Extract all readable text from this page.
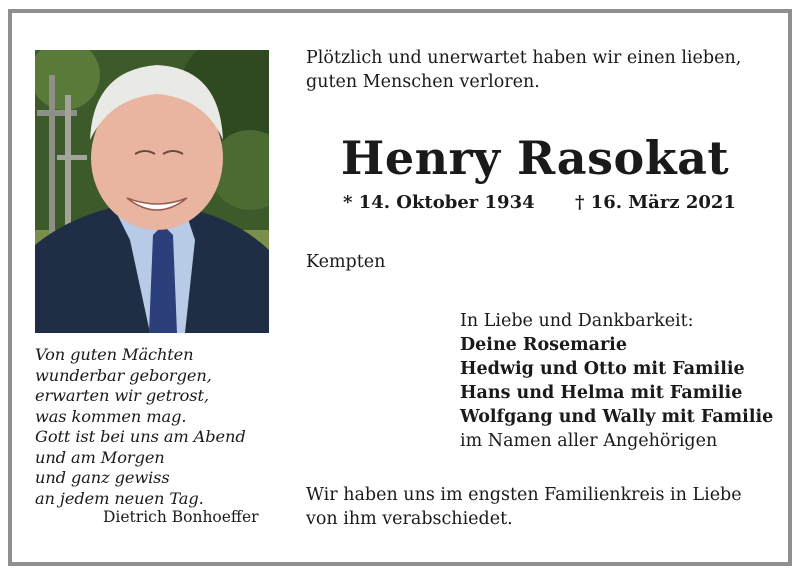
Von guten Mächten
wunderbar geborgen,
erwarten wir getrost,
was kommen mag.
Gott ist bei uns am Abend
und am Morgen
und ganz gewiss
an jedem neuen Tag.
Dietrich Bonhoeffer
Plötzlich und unerwartet haben wir einen lieben,
guten Menschen verloren.
Henry Rasokat
* 14. Oktober 1934 † 16. März 2021
Kempten
In Liebe und Dankbarkeit:
Deine Rosemarie
Hedwig und Otto mit Familie
Hans und Helma mit Familie
Wolfgang und Wally mit Familie
im Namen aller Angehörigen
Wir haben uns im engsten Familienkreis in Liebe
von ihm verabschiedet.
